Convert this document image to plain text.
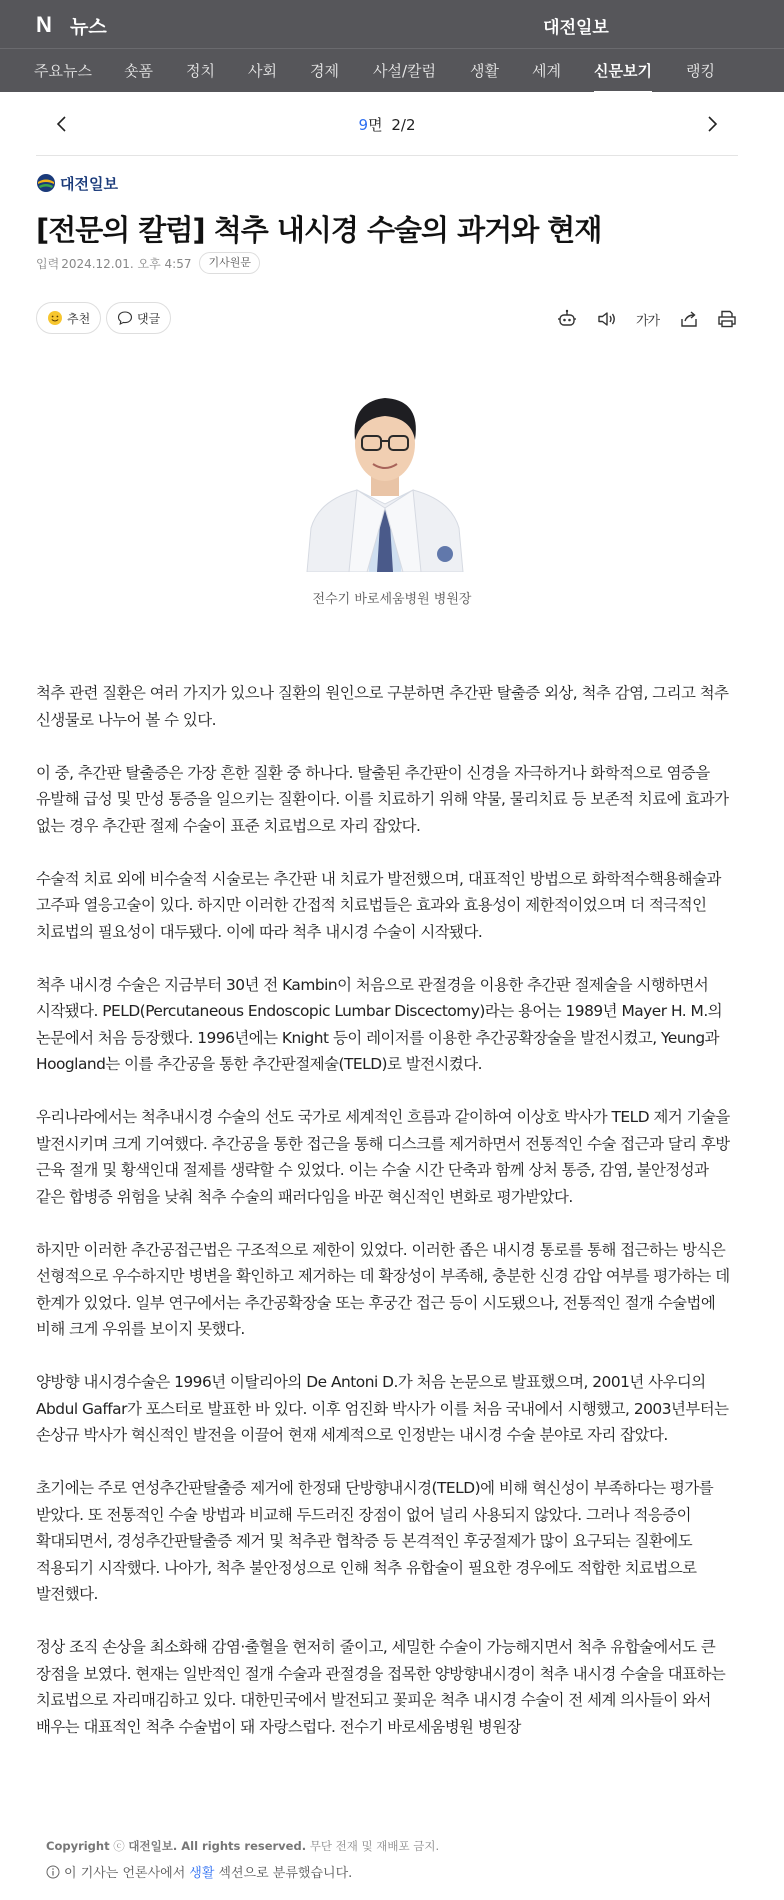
N 뉴스	대전일보
주요뉴스 숏폼 정치 사회 경제 사설/칼럼 생활 세계 신문보기 랭킹
9면 2/2
대전일보
[전문의 칼럼] 척추 내시경 수술의 과거와 현재
입력 2024.12.01. 오후 4:57	기사원문
추천	댓글	가가
전수기 바로세움병원 병원장

척추 관련 질환은 여러 가지가 있으나 질환의 원인으로 구분하면 추간판 탈출증 외상, 척추 감염, 그리고 척추 신생물로 나누어 볼 수 있다.

이 중, 추간판 탈출증은 가장 흔한 질환 중 하나다. 탈출된 추간판이 신경을 자극하거나 화학적으로 염증을 유발해 급성 및 만성 통증을 일으키는 질환이다. 이를 치료하기 위해 약물, 물리치료 등 보존적 치료에 효과가 없는 경우 추간판 절제 수술이 표준 치료법으로 자리 잡았다.

수술적 치료 외에 비수술적 시술로는 추간판 내 치료가 발전했으며, 대표적인 방법으로 화학적수핵용해술과 고주파 열응고술이 있다. 하지만 이러한 간접적 치료법들은 효과와 효용성이 제한적이었으며 더 적극적인 치료법의 필요성이 대두됐다. 이에 따라 척추 내시경 수술이 시작됐다.

척추 내시경 수술은 지금부터 30년 전 Kambin이 처음으로 관절경을 이용한 추간판 절제술을 시행하면서 시작됐다. PELD(Percutaneous Endoscopic Lumbar Discectomy)라는 용어는 1989년 Mayer H. M.의 논문에서 처음 등장했다. 1996년에는 Knight 등이 레이저를 이용한 추간공확장술을 발전시켰고, Yeung과 Hoogland는 이를 추간공을 통한 추간판절제술(TELD)로 발전시켰다.

우리나라에서는 척추내시경 수술의 선도 국가로 세계적인 흐름과 같이하여 이상호 박사가 TELD 제거 기술을 발전시키며 크게 기여했다. 추간공을 통한 접근을 통해 디스크를 제거하면서 전통적인 수술 접근과 달리 후방 근육 절개 및 황색인대 절제를 생략할 수 있었다. 이는 수술 시간 단축과 함께 상처 통증, 감염, 불안정성과 같은 합병증 위험을 낮춰 척추 수술의 패러다임을 바꾼 혁신적인 변화로 평가받았다.

하지만 이러한 추간공접근법은 구조적으로 제한이 있었다. 이러한 좁은 내시경 통로를 통해 접근하는 방식은 선형적으로 우수하지만 병변을 확인하고 제거하는 데 확장성이 부족해, 충분한 신경 감압 여부를 평가하는 데 한계가 있었다. 일부 연구에서는 추간공확장술 또는 후궁간 접근 등이 시도됐으나, 전통적인 절개 수술법에 비해 크게 우위를 보이지 못했다.

양방향 내시경수술은 1996년 이탈리아의 De Antoni D.가 처음 논문으로 발표했으며, 2001년 사우디의 Abdul Gaffar가 포스터로 발표한 바 있다. 이후 엄진화 박사가 이를 처음 국내에서 시행했고, 2003년부터는 손상규 박사가 혁신적인 발전을 이끌어 현재 세계적으로 인정받는 내시경 수술 분야로 자리 잡았다.

초기에는 주로 연성추간판탈출증 제거에 한정돼 단방향내시경(TELD)에 비해 혁신성이 부족하다는 평가를 받았다. 또 전통적인 수술 방법과 비교해 두드러진 장점이 없어 널리 사용되지 않았다. 그러나 적응증이 확대되면서, 경성추간판탈출증 제거 및 척추관 협착증 등 본격적인 후궁절제가 많이 요구되는 질환에도 적용되기 시작했다. 나아가, 척추 불안정성으로 인해 척추 유합술이 필요한 경우에도 적합한 치료법으로 발전했다.

정상 조직 손상을 최소화해 감염·출혈을 현저히 줄이고, 세밀한 수술이 가능해지면서 척추 유합술에서도 큰 장점을 보였다. 현재는 일반적인 절개 수술과 관절경을 접목한 양방향내시경이 척추 내시경 수술을 대표하는 치료법으로 자리매김하고 있다. 대한민국에서 발전되고 꽃피운 척추 내시경 수술이 전 세계 의사들이 와서 배우는 대표적인 척추 수술법이 돼 자랑스럽다. 전수기 바로세움병원 병원장

Copyright ⓒ 대전일보. All rights reserved. 무단 전재 및 재배포 금지.
이 기사는 언론사에서 생활 섹션으로 분류했습니다.
